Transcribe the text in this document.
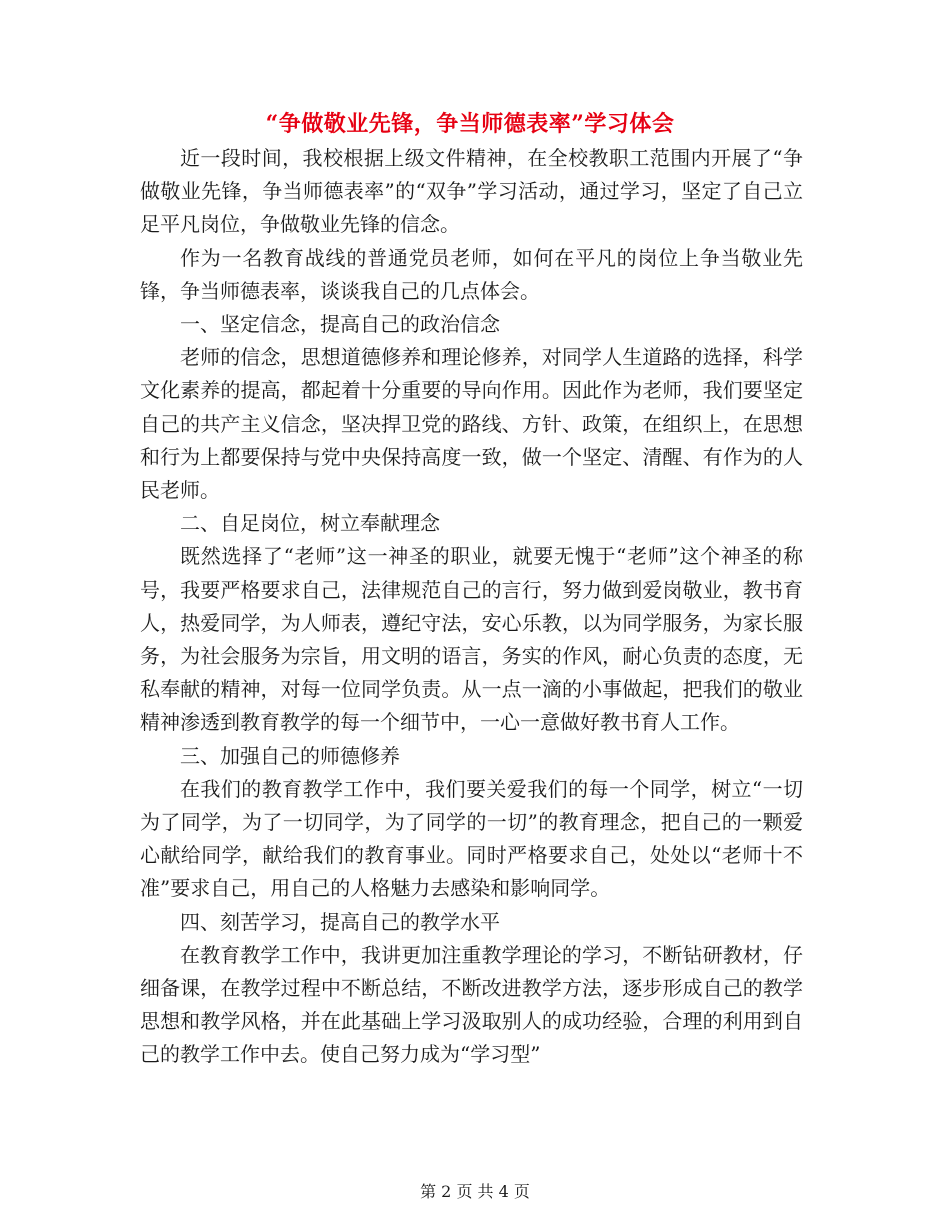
“争做敬业先锋，争当师德表率”学习体会

近一段时间，我校根据上级文件精神，在全校教职工范围内开展了“争做敬业先锋，争当师德表率”的“双争”学习活动，通过学习，坚定了自己立足平凡岗位，争做敬业先锋的信念。

作为一名教育战线的普通党员老师，如何在平凡的岗位上争当敬业先锋，争当师德表率，谈谈我自己的几点体会。

一、坚定信念，提高自己的政治信念

老师的信念，思想道德修养和理论修养，对同学人生道路的选择，科学文化素养的提高，都起着十分重要的导向作用。因此作为老师，我们要坚定自己的共产主义信念，坚决捍卫党的路线、方针、政策，在组织上，在思想和行为上都要保持与党中央保持高度一致，做一个坚定、清醒、有作为的人民老师。

二、自足岗位，树立奉献理念

既然选择了“老师”这一神圣的职业，就要无愧于“老师”这个神圣的称号，我要严格要求自己，法律规范自己的言行，努力做到爱岗敬业，教书育人，热爱同学，为人师表，遵纪守法，安心乐教，以为同学服务，为家长服务，为社会服务为宗旨，用文明的语言，务实的作风，耐心负责的态度，无私奉献的精神，对每一位同学负责。从一点一滴的小事做起，把我们的敬业精神渗透到教育教学的每一个细节中，一心一意做好教书育人工作。

三、加强自己的师德修养

在我们的教育教学工作中，我们要关爱我们的每一个同学，树立“一切为了同学，为了一切同学，为了同学的一切”的教育理念，把自己的一颗爱心献给同学，献给我们的教育事业。同时严格要求自己，处处以“老师十不准”要求自己，用自己的人格魅力去感染和影响同学。

四、刻苦学习，提高自己的教学水平

在教育教学工作中，我讲更加注重教学理论的学习，不断钻研教材，仔细备课，在教学过程中不断总结，不断改进教学方法，逐步形成自己的教学思想和教学风格，并在此基础上学习汲取别人的成功经验，合理的利用到自己的教学工作中去。使自己努力成为“学习型”

第 2 页 共 4 页
